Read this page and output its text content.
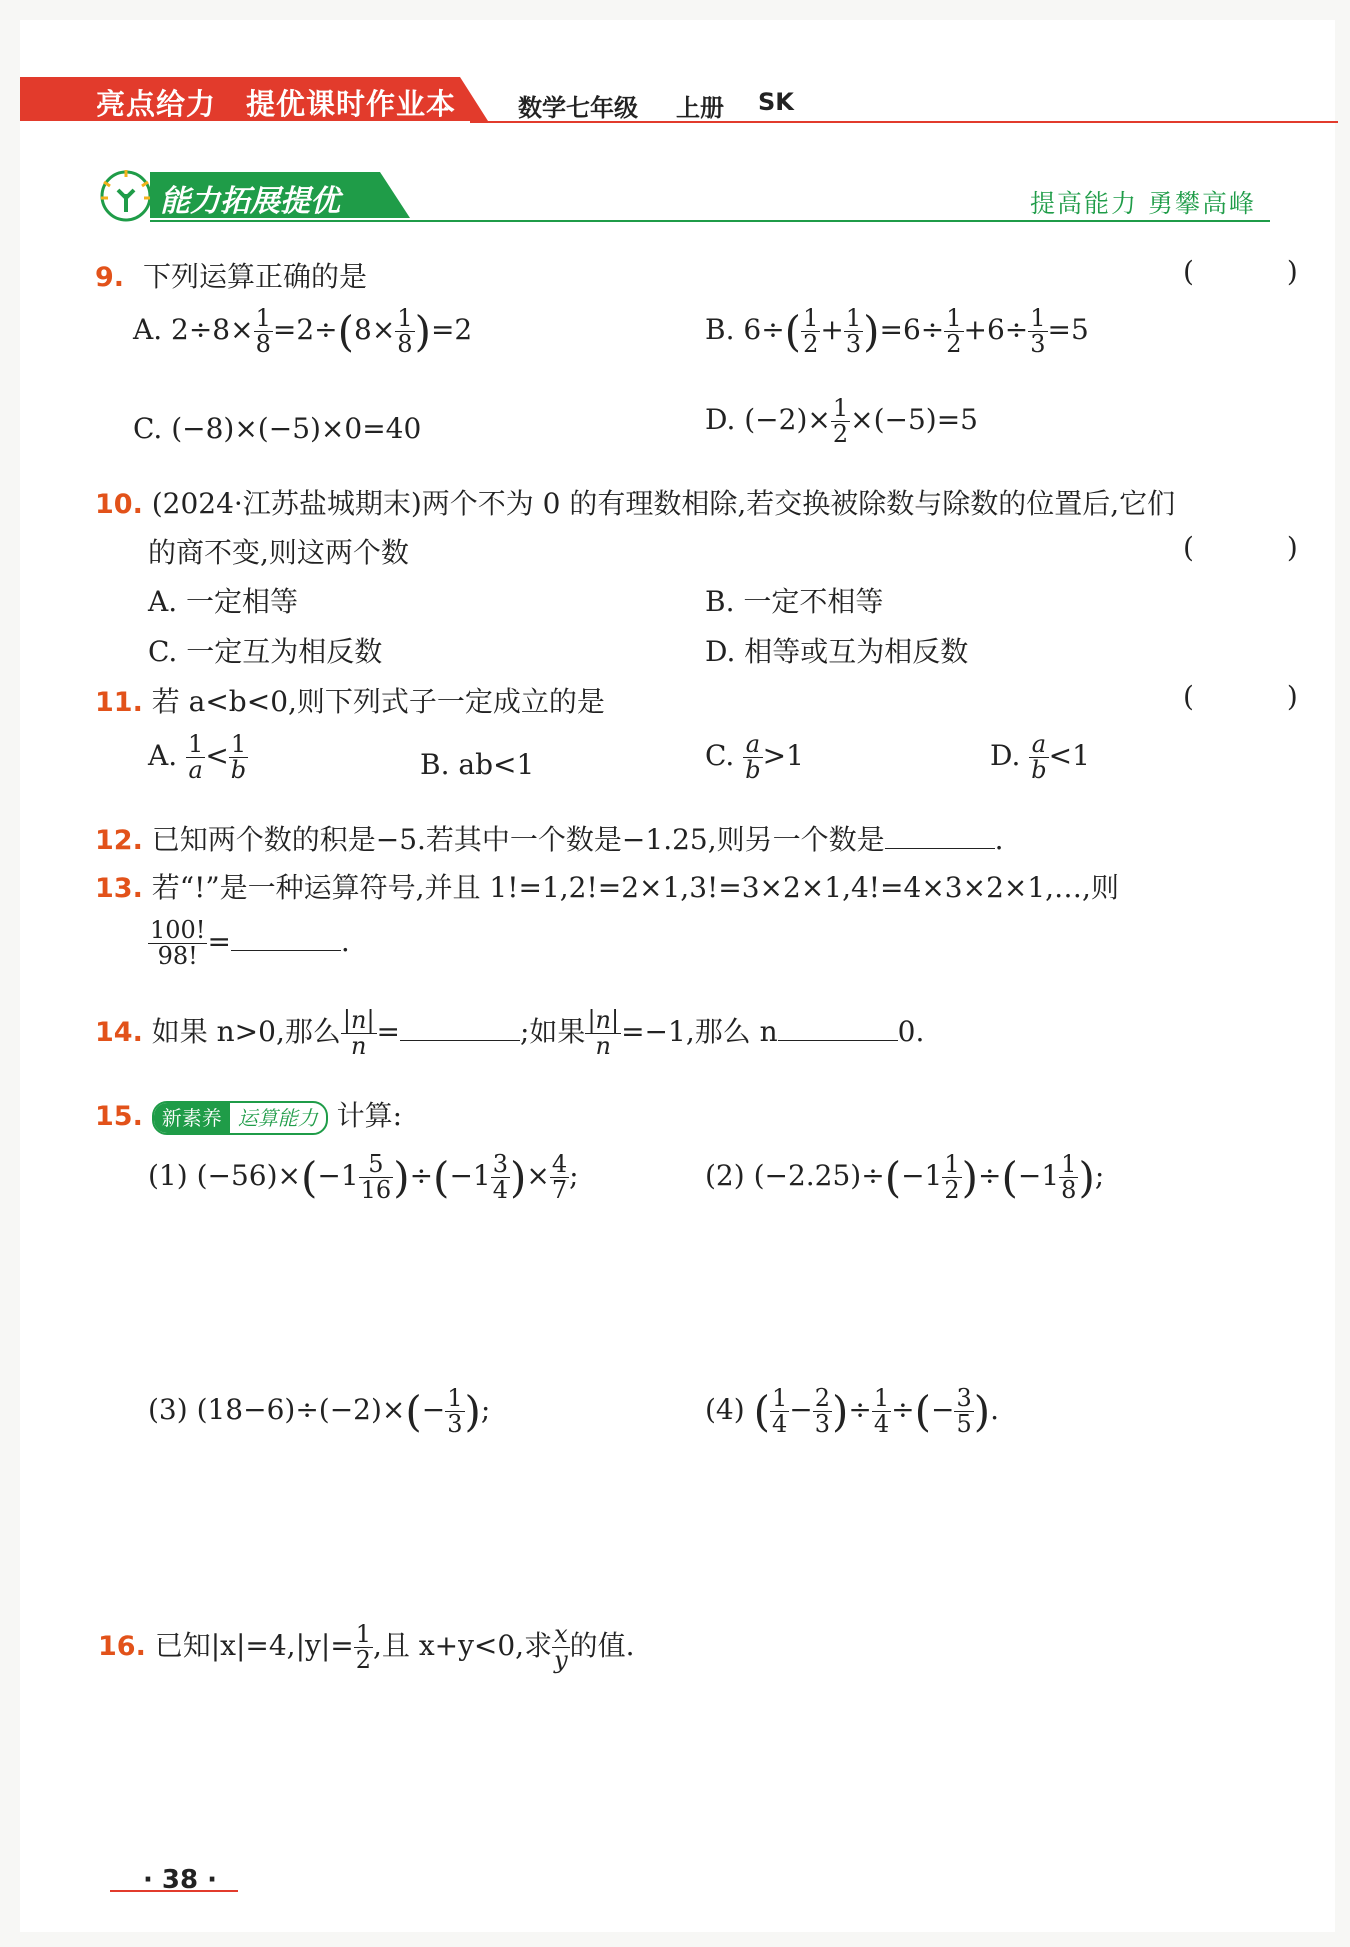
亮点给力 提优课时作业本	数学七年级 上册 SK
能力拓展提优	提高能力 勇攀高峰
9. 下列运算正确的是	( )
A. $2\div 8\times \frac{1}{8} =2\div(8\times \frac{1}{8} )=2$	B. $6\div( \frac{1}{2} + \frac{1}{3} )=6\div \frac{1}{2} +6\div \frac{1}{3} =5$
C. (−8)×(−5)×0=40	D. $(-2)\times \frac{1}{2} \times(-5)=5$
10. (2024·江苏盐城期末)两个不为 0 的有理数相除,若交换被除数与除数的位置后,它们
的商不变,则这两个数	( )
A. 一定相等	B. 一定不相等
C. 一定互为相反数	D. 相等或互为相反数
11. 若 a<b<0,则下列式子一定成立的是	( )
A. $\frac{1}{a} < \frac{1}{b}$	B. ab<1	C. $\frac{a}{b} >1$	D. $\frac{a}{b} <1$
12. 已知两个数的积是−5.若其中一个数是−1.25,则另一个数是	.
13. 若“!”是一种运算符号,并且 1!=1,2!=2×1,3!=3×2×1,4!=4×3×2×1,…,则
$\frac{100!}{98!}$ =	.
14. 如果 n>0,那么 $\frac{|n|}{n}$ =	;如果 $\frac{|n|}{n} =-1$,那么 n	0.
15. 新素养 运算能力 计算:
(1) $(-56)\times(-1 \frac{5}{16} )\div(-1 \frac{3}{4}$ )× $\frac{4}{7}$ ;	(2) $(-2.25)\div(-1 \frac{1}{2} )\div(-1 \frac{1}{8}$ );
(3) $(18-6)\div(-2)\times(- \frac{1}{3}$ );	(4) ( $\frac{1}{4} - \frac{2}{3}$ )÷ $\frac{1}{4}$ ÷(− $\frac{3}{5}$ ).
16. 已知$|x|=4,|y|= \frac{1}{2}$ ,且 x+y<0,求 $\frac{x}{y}$ 的值.
· 38 ·
